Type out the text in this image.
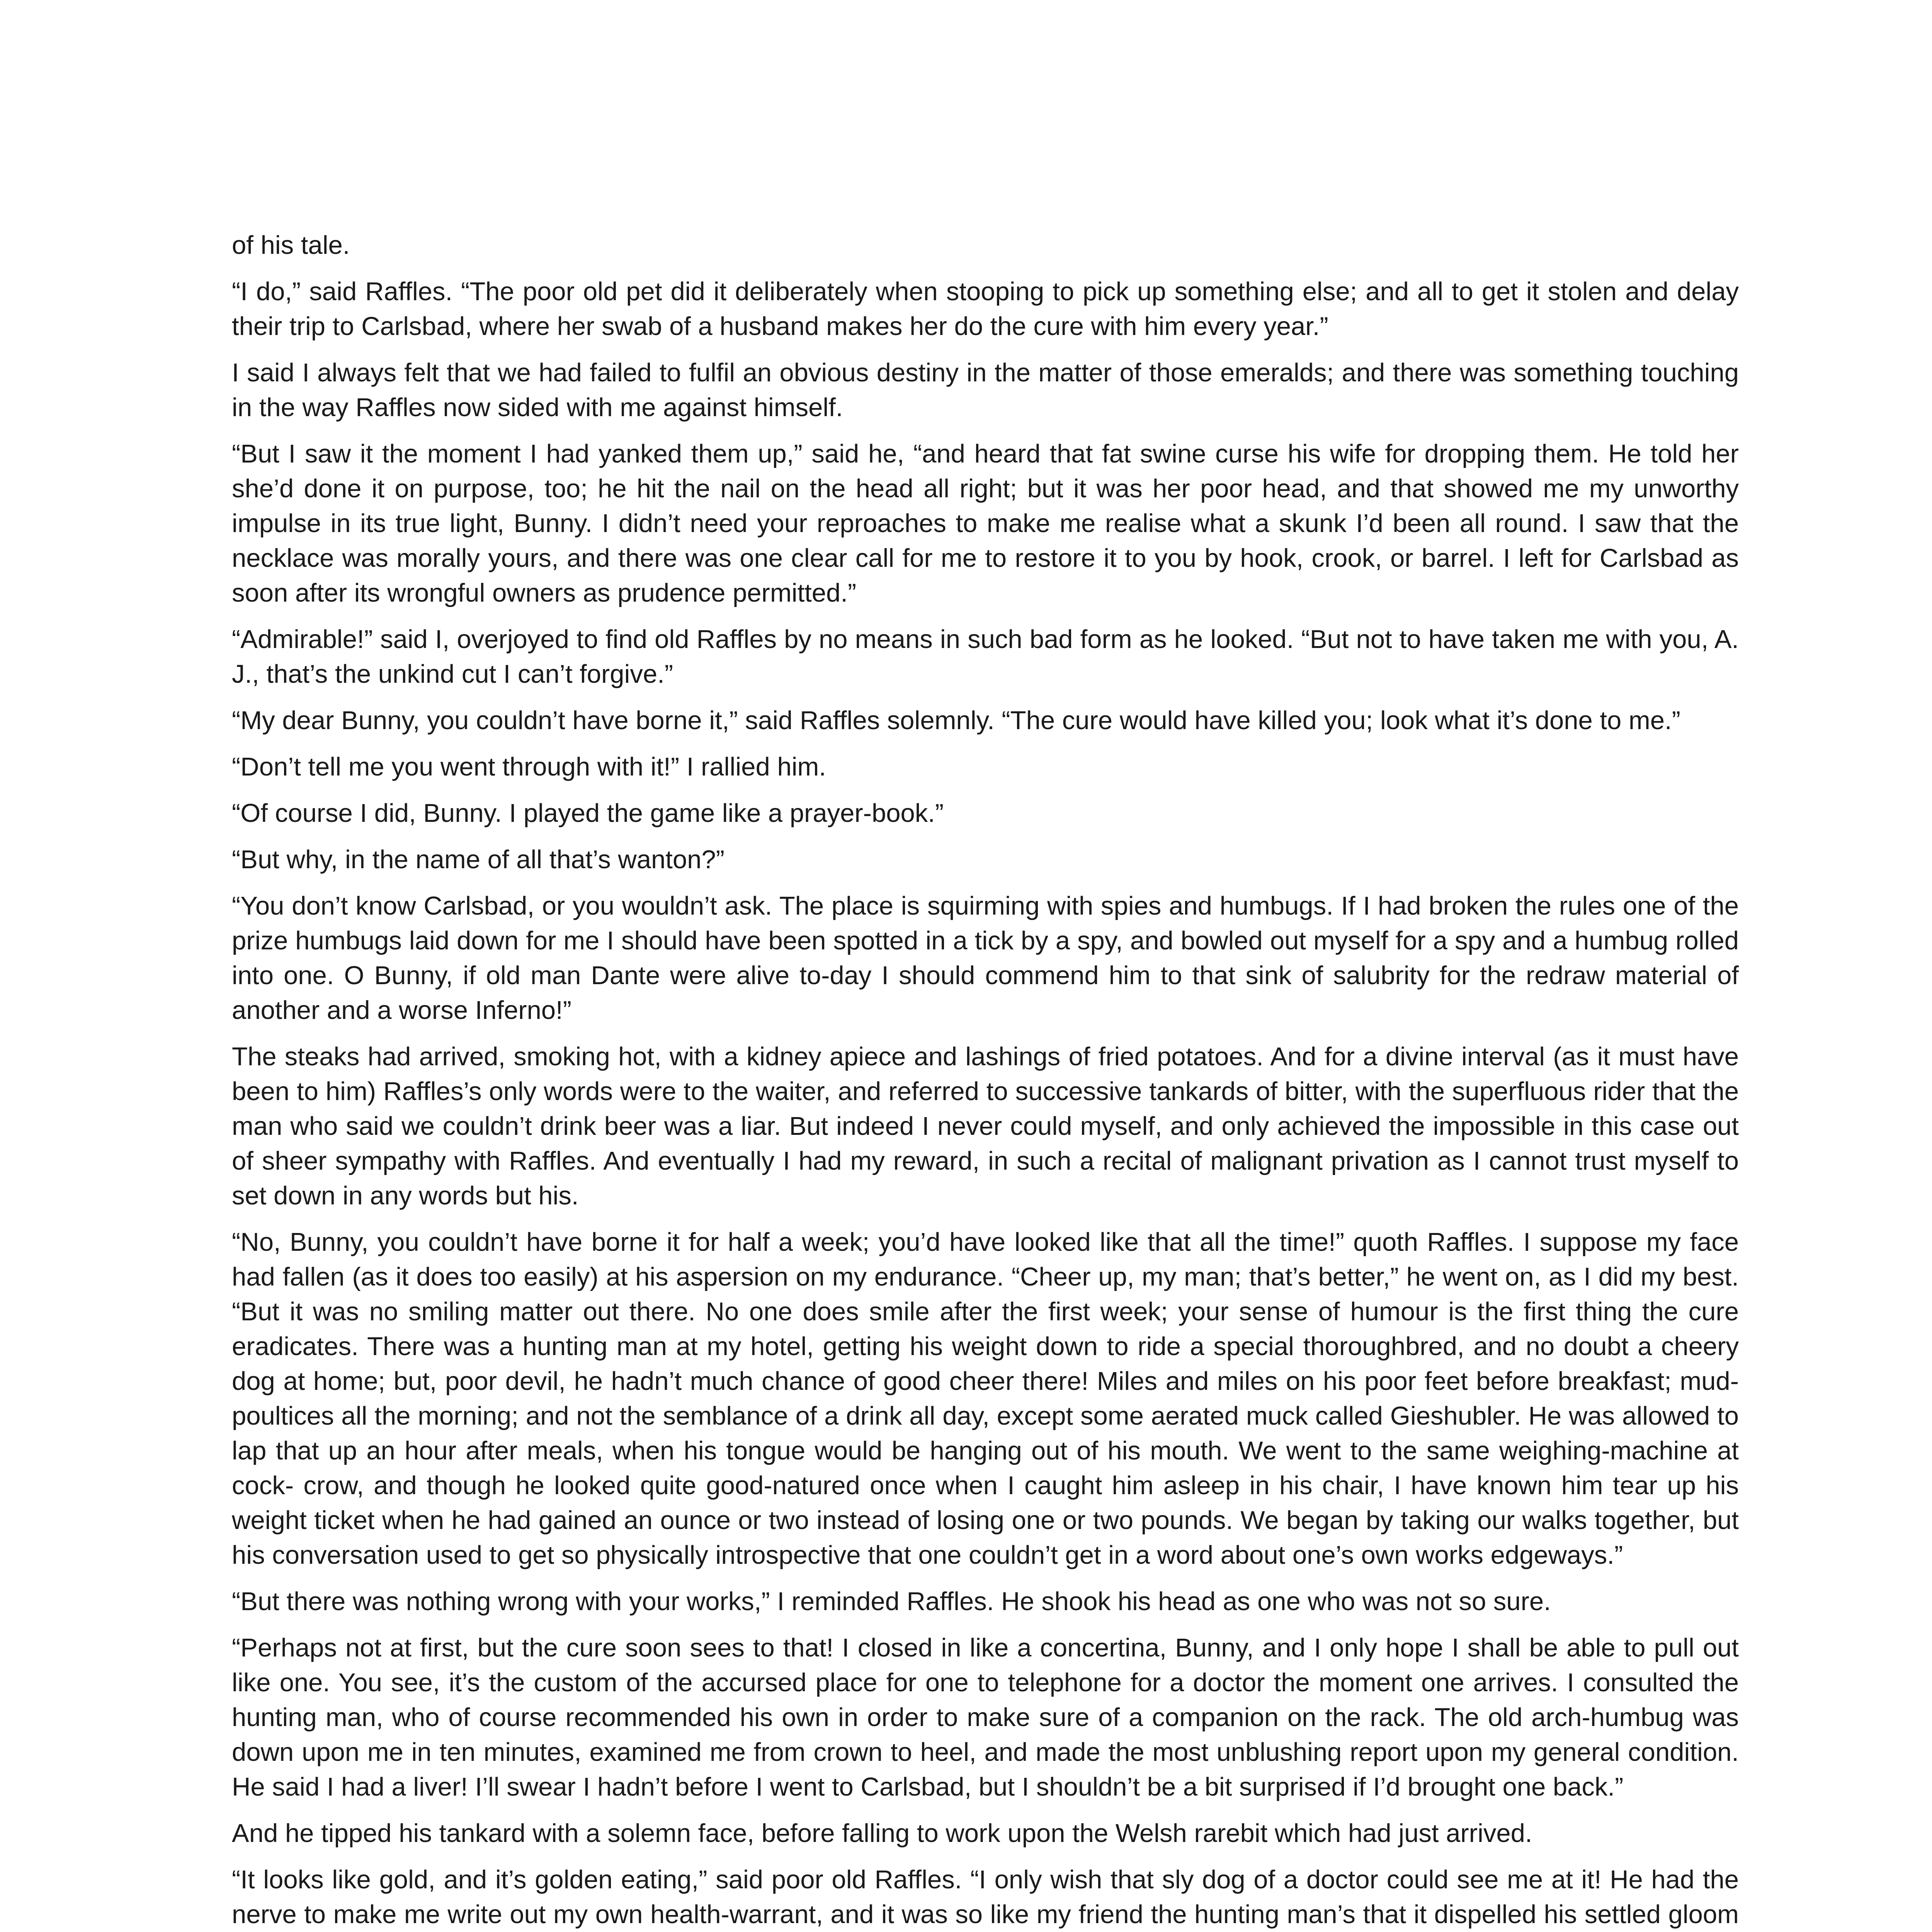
of his tale.

“I do,” said Raffles. “The poor old pet did it deliberately when stooping to pick up something else; and all to get it stolen and delay their trip to Carlsbad, where her swab of a husband makes her do the cure with him every year.”

I said I always felt that we had failed to fulfil an obvious destiny in the matter of those emeralds; and there was something touching in the way Raffles now sided with me against himself.

“But I saw it the moment I had yanked them up,” said he, “and heard that fat swine curse his wife for dropping them. He told her she’d done it on purpose, too; he hit the nail on the head all right; but it was her poor head, and that showed me my unworthy impulse in its true light, Bunny. I didn’t need your reproaches to make me realise what a skunk I’d been all round. I saw that the necklace was morally yours, and there was one clear call for me to restore it to you by hook, crook, or barrel. I left for Carlsbad as soon after its wrongful owners as prudence permitted.”

“Admirable!” said I, overjoyed to find old Raffles by no means in such bad form as he looked. “But not to have taken me with you, A. J., that’s the unkind cut I can’t forgive.”

“My dear Bunny, you couldn’t have borne it,” said Raffles solemnly. “The cure would have killed you; look what it’s done to me.”

“Don’t tell me you went through with it!” I rallied him.

“Of course I did, Bunny. I played the game like a prayer-book.”

“But why, in the name of all that’s wanton?”

“You don’t know Carlsbad, or you wouldn’t ask. The place is squirming with spies and humbugs. If I had broken the rules one of the prize humbugs laid down for me I should have been spotted in a tick by a spy, and bowled out myself for a spy and a humbug rolled into one. O Bunny, if old man Dante were alive to-day I should commend him to that sink of salubrity for the redraw material of another and a worse Inferno!”

The steaks had arrived, smoking hot, with a kidney apiece and lashings of fried potatoes. And for a divine interval (as it must have been to him) Raffles’s only words were to the waiter, and referred to successive tankards of bitter, with the superfluous rider that the man who said we couldn’t drink beer was a liar. But indeed I never could myself, and only achieved the impossible in this case out of sheer sympathy with Raffles. And eventually I had my reward, in such a recital of malignant privation as I cannot trust myself to set down in any words but his.

“No, Bunny, you couldn’t have borne it for half a week; you’d have looked like that all the time!” quoth Raffles. I suppose my face had fallen (as it does too easily) at his aspersion on my endurance. “Cheer up, my man; that’s better,” he went on, as I did my best. “But it was no smiling matter out there. No one does smile after the first week; your sense of humour is the first thing the cure eradicates. There was a hunting man at my hotel, getting his weight down to ride a special thoroughbred, and no doubt a cheery dog at home; but, poor devil, he hadn’t much chance of good cheer there! Miles and miles on his poor feet before breakfast; mud-poultices all the morning; and not the semblance of a drink all day, except some aerated muck called Gieshubler. He was allowed to lap that up an hour after meals, when his tongue would be hanging out of his mouth. We went to the same weighing-machine at cock- crow, and though he looked quite good-natured once when I caught him asleep in his chair, I have known him tear up his weight ticket when he had gained an ounce or two instead of losing one or two pounds. We began by taking our walks together, but his conversation used to get so physically introspective that one couldn’t get in a word about one’s own works edgeways.”

“But there was nothing wrong with your works,” I reminded Raffles. He shook his head as one who was not so sure.

“Perhaps not at first, but the cure soon sees to that! I closed in like a concertina, Bunny, and I only hope I shall be able to pull out like one. You see, it’s the custom of the accursed place for one to telephone for a doctor the moment one arrives. I consulted the hunting man, who of course recommended his own in order to make sure of a companion on the rack. The old arch-humbug was down upon me in ten minutes, examined me from crown to heel, and made the most unblushing report upon my general condition. He said I had a liver! I’ll swear I hadn’t before I went to Carlsbad, but I shouldn’t be a bit surprised if I’d brought one back.”

And he tipped his tankard with a solemn face, before falling to work upon the Welsh rarebit which had just arrived.

“It looks like gold, and it’s golden eating,” said poor old Raffles. “I only wish that sly dog of a doctor could see me at it! He had the nerve to make me write out my own health-warrant, and it was so like my friend the hunting man’s that it dispelled his settled gloom
